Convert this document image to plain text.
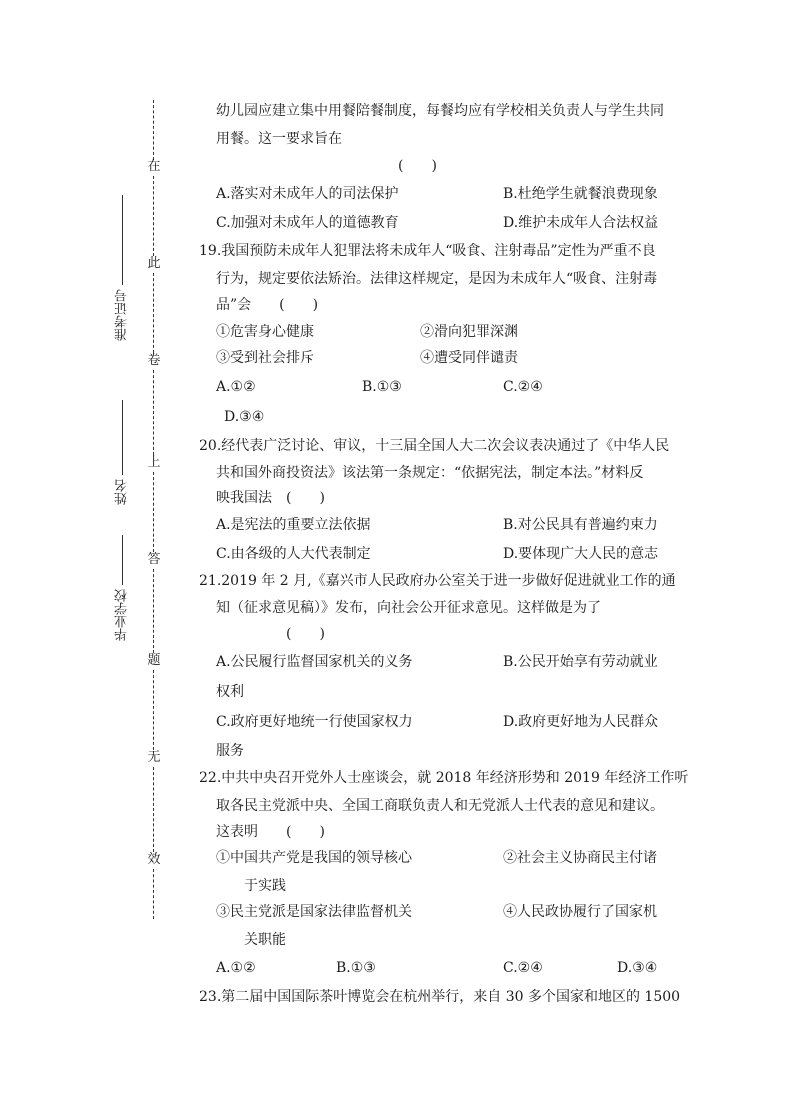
在
此
卷
上
答
题
无
效
准考证号
姓名
毕业学校
幼儿园应建立集中用餐陪餐制度，每餐均应有学校相关负责人与学生共同
用餐。这一要求旨在
(　　)
A.落实对未成年人的司法保护	B.杜绝学生就餐浪费现象
C.加强对未成年人的道德教育	D.维护未成年人合法权益
19.我国预防未成年人犯罪法将未成年人“吸食、注射毒品”定性为严重不良
行为，规定要依法矫治。法律这样规定，是因为未成年人“吸食、注射毒
品”会　　(　　)
①危害身心健康	②滑向犯罪深渊
③受到社会排斥	④遭受同伴谴责
A.①②	B.①③	C.②④
D.③④
20.经代表广泛讨论、审议，十三届全国人大二次会议表决通过了《中华人民
共和国外商投资法》该法第一条规定：“依据宪法，制定本法。”材料反
映我国法　(　　)
A.是宪法的重要立法依据	B.对公民具有普遍约束力
C.由各级的人大代表制定	D.要体现广大人民的意志
21.2019 年 2 月,《嘉兴市人民政府办公室关于进一步做好促进就业工作的通
知（征求意见稿）》发布，向社会公开征求意见。这样做是为了
(　　)
A.公民履行监督国家机关的义务	B.公民开始享有劳动就业
权利
C.政府更好地统一行使国家权力	D.政府更好地为人民群众
服务
22.中共中央召开党外人士座谈会，就 2018 年经济形势和 2019 年经济工作听
取各民主党派中央、全国工商联负责人和无党派人士代表的意见和建议。
这表明　　(　　)
①中国共产党是我国的领导核心	②社会主义协商民主付诸
于实践
③民主党派是国家法律监督机关	④人民政协履行了国家机
关职能
A.①②	B.①③	C.②④	D.③④
23.第二届中国国际茶叶博览会在杭州举行，来自 30 多个国家和地区的 1500
